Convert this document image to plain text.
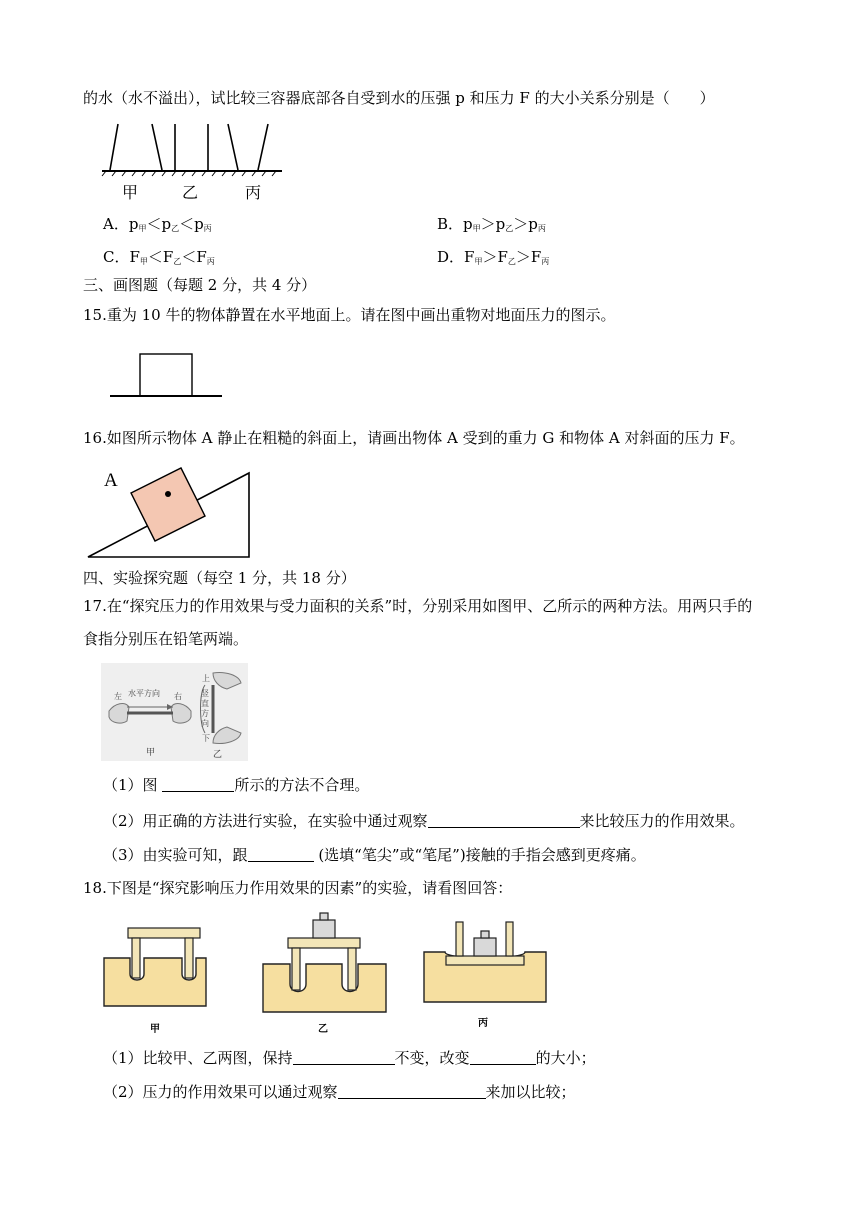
的水（水不溢出），试比较三容器底部各自受到水的压强 p 和压力 F 的大小关系分别是（　　）
甲	乙	丙
A．$p_甲<p_乙<p_丙$	B．$p_甲>p_乙>p_丙$
C．$F_甲<F_乙<F_丙$	D．$F_甲>F_乙>F_丙$
三、画图题（每题 2 分，共 4 分）
15.重为 10 牛的物体静置在水平地面上。请在图中画出重物对地面压力的图示。
16.如图所示物体 A 静止在粗糙的斜面上，请画出物体 A 受到的重力 G 和物体 A 对斜面的压力 F。
A
四、实验探究题（每空 1 分，共 18 分）
17.在“探究压力的作用效果与受力面积的关系”时，分别采用如图甲、乙所示的两种方法。用两只手的
食指分别压在铅笔两端。
左 水平方向 右
甲
上
竖
直
方
向
下
乙
（1）图	所示的方法不合理。
（2）用正确的方法进行实验，在实验中通过观察	来比较压力的作用效果。
（3）由实验可知，跟	(选填“笔尖”或“笔尾”)接触的手指会感到更疼痛。
18.下图是“探究影响压力作用效果的因素”的实验，请看图回答：
甲	乙
丙
（1）比较甲、乙两图，保持	不变，改变	的大小；
（2）压力的作用效果可以通过观察	来加以比较；
